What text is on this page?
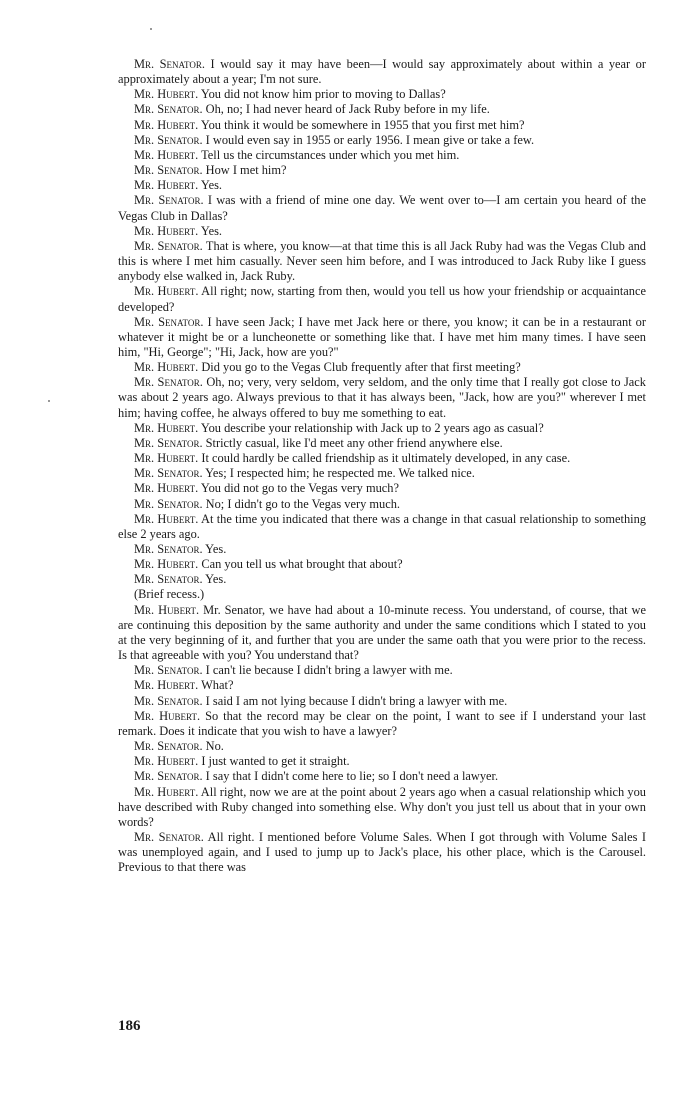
Mr. Senator. I would say it may have been—I would say approximately about within a year or approximately about a year; I'm not sure.

Mr. Hubert. You did not know him prior to moving to Dallas?

Mr. Senator. Oh, no; I had never heard of Jack Ruby before in my life.

Mr. Hubert. You think it would be somewhere in 1955 that you first met him?

Mr. Senator. I would even say in 1955 or early 1956. I mean give or take a few.

Mr. Hubert. Tell us the circumstances under which you met him.

Mr. Senator. How I met him?

Mr. Hubert. Yes.

Mr. Senator. I was with a friend of mine one day. We went over to—I am certain you heard of the Vegas Club in Dallas?

Mr. Hubert. Yes.

Mr. Senator. That is where, you know—at that time this is all Jack Ruby had was the Vegas Club and this is where I met him casually. Never seen him before, and I was introduced to Jack Ruby like I guess anybody else walked in, Jack Ruby.

Mr. Hubert. All right; now, starting from then, would you tell us how your friendship or acquaintance developed?

Mr. Senator. I have seen Jack; I have met Jack here or there, you know; it can be in a restaurant or whatever it might be or a luncheonette or something like that. I have met him many times. I have seen him, "Hi, George"; "Hi, Jack, how are you?"

Mr. Hubert. Did you go to the Vegas Club frequently after that first meeting?

Mr. Senator. Oh, no; very, very seldom, very seldom, and the only time that I really got close to Jack was about 2 years ago. Always previous to that it has always been, "Jack, how are you?" wherever I met him; having coffee, he always offered to buy me something to eat.

Mr. Hubert. You describe your relationship with Jack up to 2 years ago as casual?

Mr. Senator. Strictly casual, like I'd meet any other friend anywhere else.

Mr. Hubert. It could hardly be called friendship as it ultimately developed, in any case.

Mr. Senator. Yes; I respected him; he respected me. We talked nice.

Mr. Hubert. You did not go to the Vegas very much?

Mr. Senator. No; I didn't go to the Vegas very much.

Mr. Hubert. At the time you indicated that there was a change in that casual relationship to something else 2 years ago.

Mr. Senator. Yes.

Mr. Hubert. Can you tell us what brought that about?

Mr. Senator. Yes.

(Brief recess.)

Mr. Hubert. Mr. Senator, we have had about a 10-minute recess. You understand, of course, that we are continuing this deposition by the same authority and under the same conditions which I stated to you at the very beginning of it, and further that you are under the same oath that you were prior to the recess. Is that agreeable with you? You understand that?

Mr. Senator. I can't lie because I didn't bring a lawyer with me.

Mr. Hubert. What?

Mr. Senator. I said I am not lying because I didn't bring a lawyer with me.

Mr. Hubert. So that the record may be clear on the point, I want to see if I understand your last remark. Does it indicate that you wish to have a lawyer?

Mr. Senator. No.

Mr. Hubert. I just wanted to get it straight.

Mr. Senator. I say that I didn't come here to lie; so I don't need a lawyer.

Mr. Hubert. All right, now we are at the point about 2 years ago when a casual relationship which you have described with Ruby changed into something else. Why don't you just tell us about that in your own words?

Mr. Senator. All right. I mentioned before Volume Sales. When I got through with Volume Sales I was unemployed again, and I used to jump up to Jack's place, his other place, which is the Carousel. Previous to that there was

186
